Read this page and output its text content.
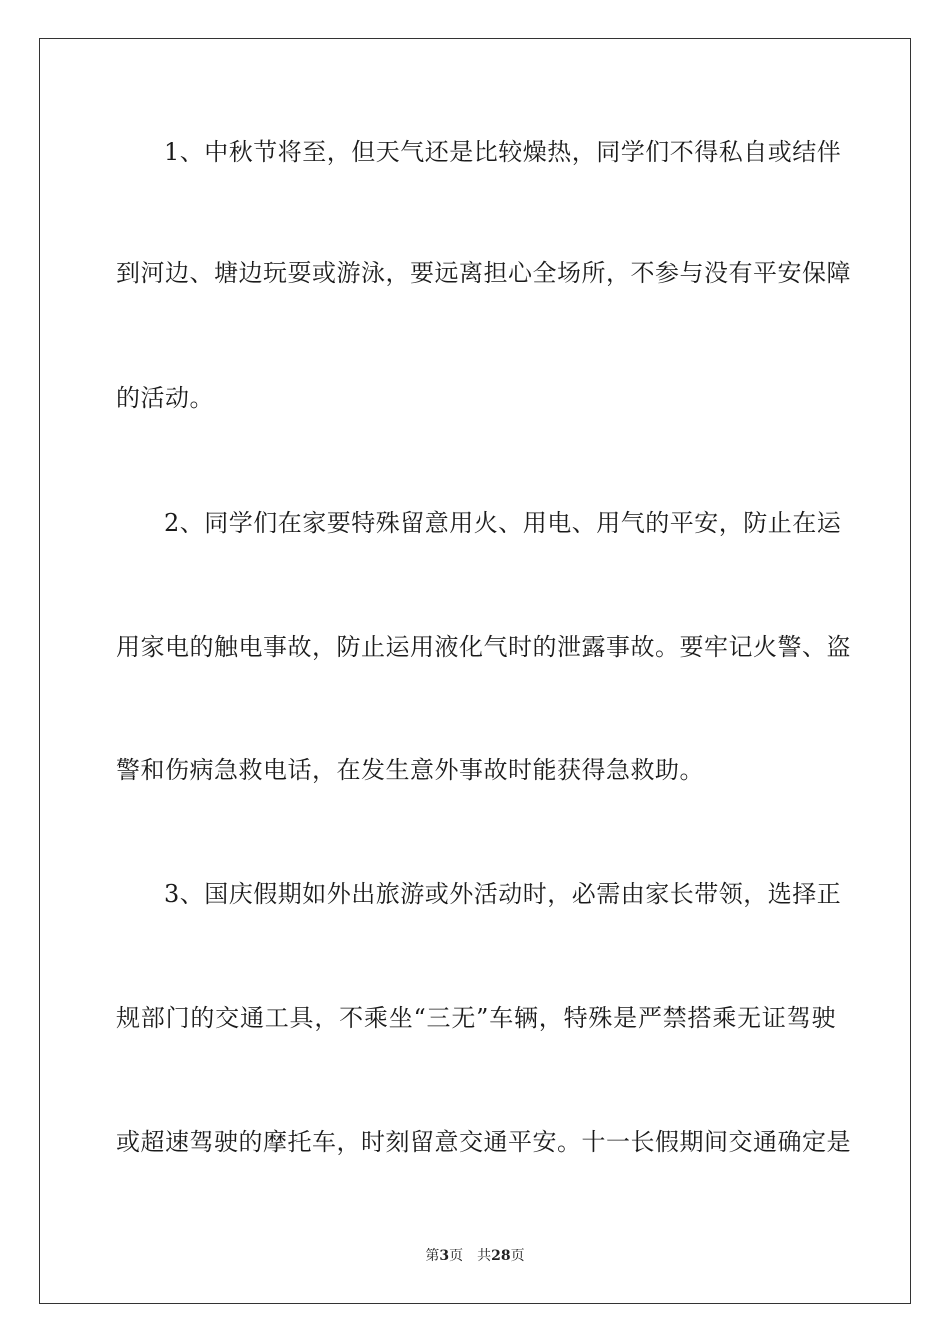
1、中秋节将至，但天气还是比较燥热，同学们不得私自或结伴
到河边、塘边玩耍或游泳，要远离担心全场所，不参与没有平安保障
的活动。
2、同学们在家要特殊留意用火、用电、用气的平安，防止在运
用家电的触电事故，防止运用液化气时的泄露事故。要牢记火警、盗
警和伤病急救电话，在发生意外事故时能获得急救助。
3、国庆假期如外出旅游或外活动时，必需由家长带领，选择正
规部门的交通工具，不乘坐“三无”车辆，特殊是严禁搭乘无证驾驶
或超速驾驶的摩托车，时刻留意交通平安。十一长假期间交通确定是
第3页 共28页
